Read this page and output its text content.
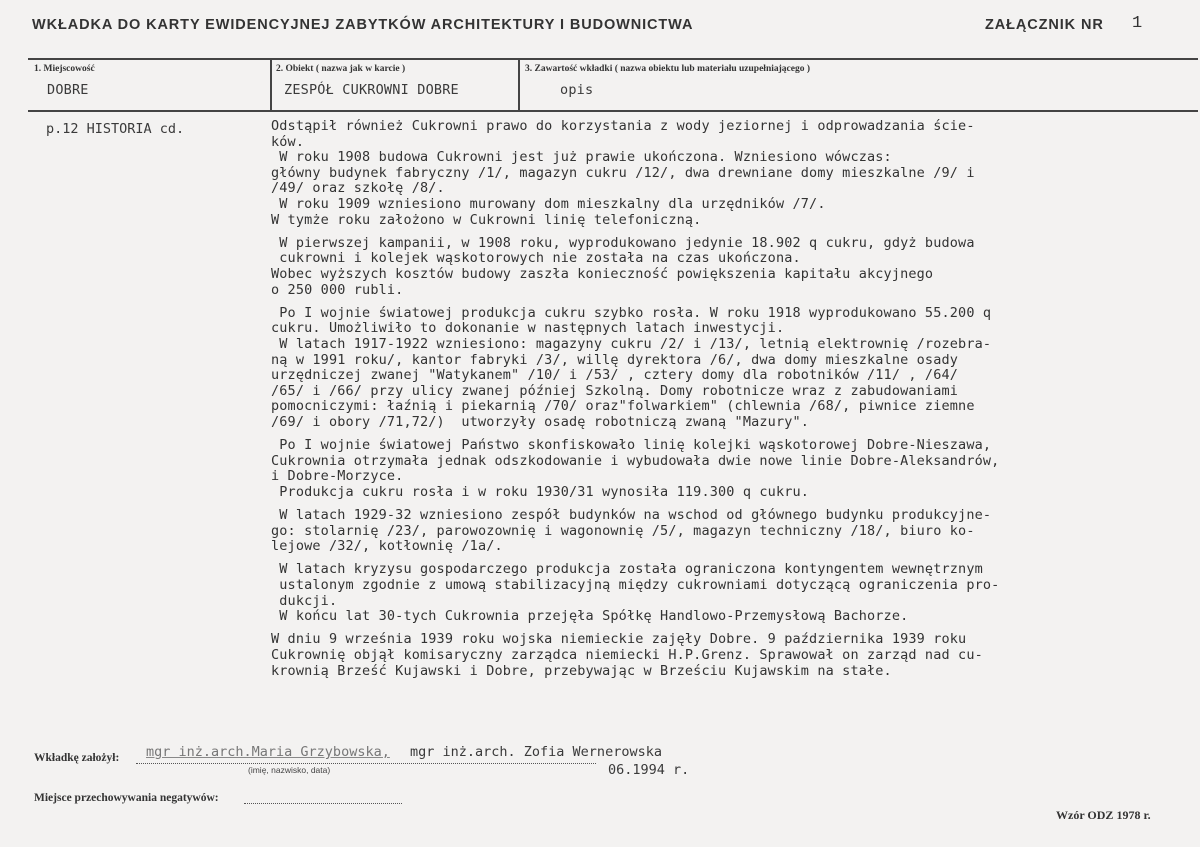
WKŁADKA DO KARTY EWIDENCYJNEJ ZABYTKÓW ARCHITEKTURY I BUDOWNICTWA	ZAŁĄCZNIK NR 1
1. Miejscowość
DOBRE
2. Obiekt ( nazwa jak w karcie )
ZESPÓŁ CUKROWNI DOBRE
3. Zawartość wkładki ( nazwa obiektu lub materiału uzupełniającego )
opis
p.12 HISTORIA cd.	Odstąpił również Cukrowni prawo do korzystania z wody jeziornej i odprowadzania ście-
ków.
W roku 1908 budowa Cukrowni jest już prawie ukończona. Wzniesiono wówczas:
główny budynek fabryczny /1/, magazyn cukru /12/, dwa drewniane domy mieszkalne /9/ i
/49/ oraz szkołę /8/.
W roku 1909 wzniesiono murowany dom mieszkalny dla urzędników /7/.
W tymże roku założono w Cukrowni linię telefoniczną.
W pierwszej kampanii, w 1908 roku, wyprodukowano jedynie 18.902 q cukru, gdyż budowa
cukrowni i kolejek wąskotorowych nie została na czas ukończona.
Wobec wyższych kosztów budowy zaszła konieczność powiększenia kapitału akcyjnego
o 250 000 rubli.
Po I wojnie światowej produkcja cukru szybko rosła. W roku 1918 wyprodukowano 55.200 q
cukru. Umożliwiło to dokonanie w następnych latach inwestycji.
W latach 1917-1922 wzniesiono: magazyny cukru /2/ i /13/, letnią elektrownię /rozebra-
ną w 1991 roku/, kantor fabryki /3/, willę dyrektora /6/, dwa domy mieszkalne osady
urzędniczej zwanej "Watykanem" /10/ i /53/ , cztery domy dla robotników /11/ , /64/
/65/ i /66/ przy ulicy zwanej później Szkolną. Domy robotnicze wraz z zabudowaniami
pomocniczymi: łaźnią i piekarnią /70/ oraz"folwarkiem" (chlewnia /68/, piwnice ziemne
/69/ i obory /71,72/)  utworzyły osadę robotniczą zwaną "Mazury".
Po I wojnie światowej Państwo skonfiskowało linię kolejki wąskotorowej Dobre-Nieszawa,
Cukrownia otrzymała jednak odszkodowanie i wybudowała dwie nowe linie Dobre-Aleksandrów,
i Dobre-Morzyce.
Produkcja cukru rosła i w roku 1930/31 wynosiła 119.300 q cukru.
W latach 1929-32 wzniesiono zespół budynków na wschod od głównego budynku produkcyjne-
go: stolarnię /23/, parowozownię i wagonownię /5/, magazyn techniczny /18/, biuro ko-
lejowe /32/, kotłownię /1a/.
W latach kryzysu gospodarczego produkcja została ograniczona kontyngentem wewnętrznym
ustalonym zgodnie z umową stabilizacyjną między cukrowniami dotyczącą ograniczenia pro-
dukcji.
W końcu lat 30-tych Cukrownia przejęła Spółkę Handlowo-Przemysłową Bachorze.
W dniu 9 września 1939 roku wojska niemieckie zajęły Dobre. 9 października 1939 roku
Cukrownię objął komisaryczny zarządca niemiecki H.P.Grenz. Sprawował on zarząd nad cu-
krownią Brześć Kujawski i Dobre, przebywając w Brześciu Kujawskim na stałe.
Wkładkę założył: mgr inż.arch.Maria Grzybowska, mgr inż.arch. Zofia Wernerowska
(imię, nazwisko, data)	06.1994 r.
Miejsce przechowywania negatywów:
Wzór ODZ 1978 r.
